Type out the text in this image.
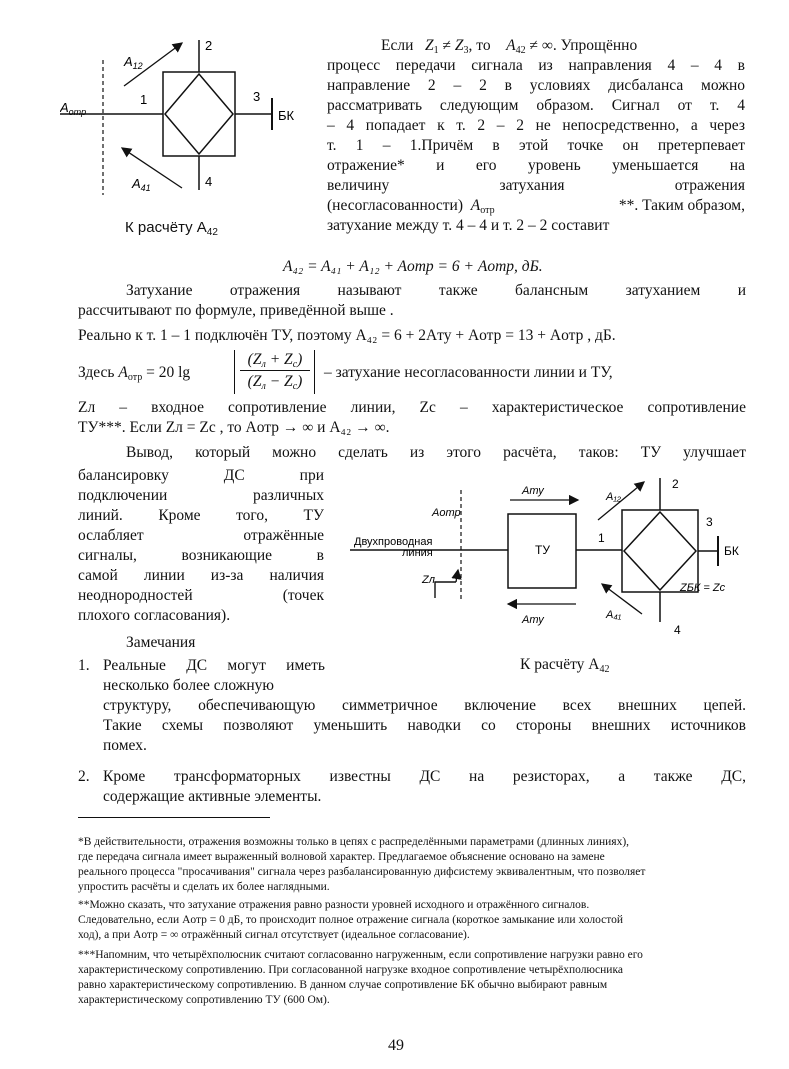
2
1	3
4
БК
$A_{12}$
$A_{41}$
$A_{отр}$
К расчёту $A_{42}$
Если $Z_1 \ne Z_3$, то $A_{42}$ ≠ ∞. Упрощённо
процесс передачи сигнала из направления 4 – 4 в
направление 2 – 2 в условиях дисбаланса можно
рассматривать следующим образом. Сигнал от т. 4
– 4 попадает к т. 2 – 2 не непосредственно, а через
т. 1 – 1.Причём в этой точке он претерпевает
отражение* и его уровень уменьшается на
величину	затухания	отражения
(несогласованности) $A_{отр}$	**. Таким образом,
затухание между т. 4 – 4 и т. 2 – 2 составит
A₄₂ = A₄₁ + A₁₂ + Aотр = 6 + Aотр, дБ.
Затухание отражения называют также балансным затуханием и
рассчитывают по формуле, приведённой выше .
Реально к т. 1 – 1 подключён ТУ, поэтому A₄₂ = 6 + 2Aту + Aотр = 13 + Aотр , дБ.
Здесь $A_{отр} = 20$ lg
$(Z_л + Z_с)$
$(Z_л - Z_с)$
– затухание несогласованности линии и ТУ,
Zл – входное сопротивление линии, Zс – характеристическое сопротивление
ТУ***. Если Zл = Zс , то Aотр → ∞ и A₄₂ → ∞.
Вывод, который можно сделать из этого расчёта, таков: ТУ улучшает
балансировку ДС при
подключении различных
линий. Кроме того, ТУ
ослабляет отражённые
сигналы, возникающие в
самой линии из-за наличия
неоднородностей (точек
плохого согласования).
Замечания
1. Реальные ДС могут иметь
несколько более сложную
структуру, обеспечивающую симметричное включение всех внешних цепей.
Такие схемы позволяют уменьшить наводки со стороны внешних источников
помех.
2. Кроме трансформаторных известны ДС на резисторах, а также ДС,
содержащие активные элементы.
Двухпроводная
линия	ТУ
1
2
3
4
БК
ZБК = Zс
Aту
Aту
A₁₂
A₄₁
Aотр
Zл
К расчёту $A_{42}$
*В действительности, отражения возможны только в цепях с распределёнными параметрами (длинных линиях),
где передача сигнала имеет выраженный волновой характер. Предлагаемое объяснение основано на замене
реального процесса "просачивания" сигнала через разбалансированную дифсистему эквивалентным, что позволяет
упростить расчёты и сделать их более наглядными.
**Можно сказать, что затухание отражения равно разности уровней исходного и отражённого сигналов.
Следовательно, если Aотр = 0 дБ, то происходит полное отражение сигнала (короткое замыкание или холостой
ход), а при Aотр = ∞ отражённый сигнал отсутствует (идеальное согласование).
***Напомним, что четырёхполюсник считают согласованно нагруженным, если сопротивление нагрузки равно его
характеристическому сопротивлению. При согласованной нагрузке входное сопротивление четырёхполюсника
равно характеристическому сопротивлению. В данном случае сопротивление БК обычно выбирают равным
характеристическому сопротивлению ТУ (600 Ом).
49
